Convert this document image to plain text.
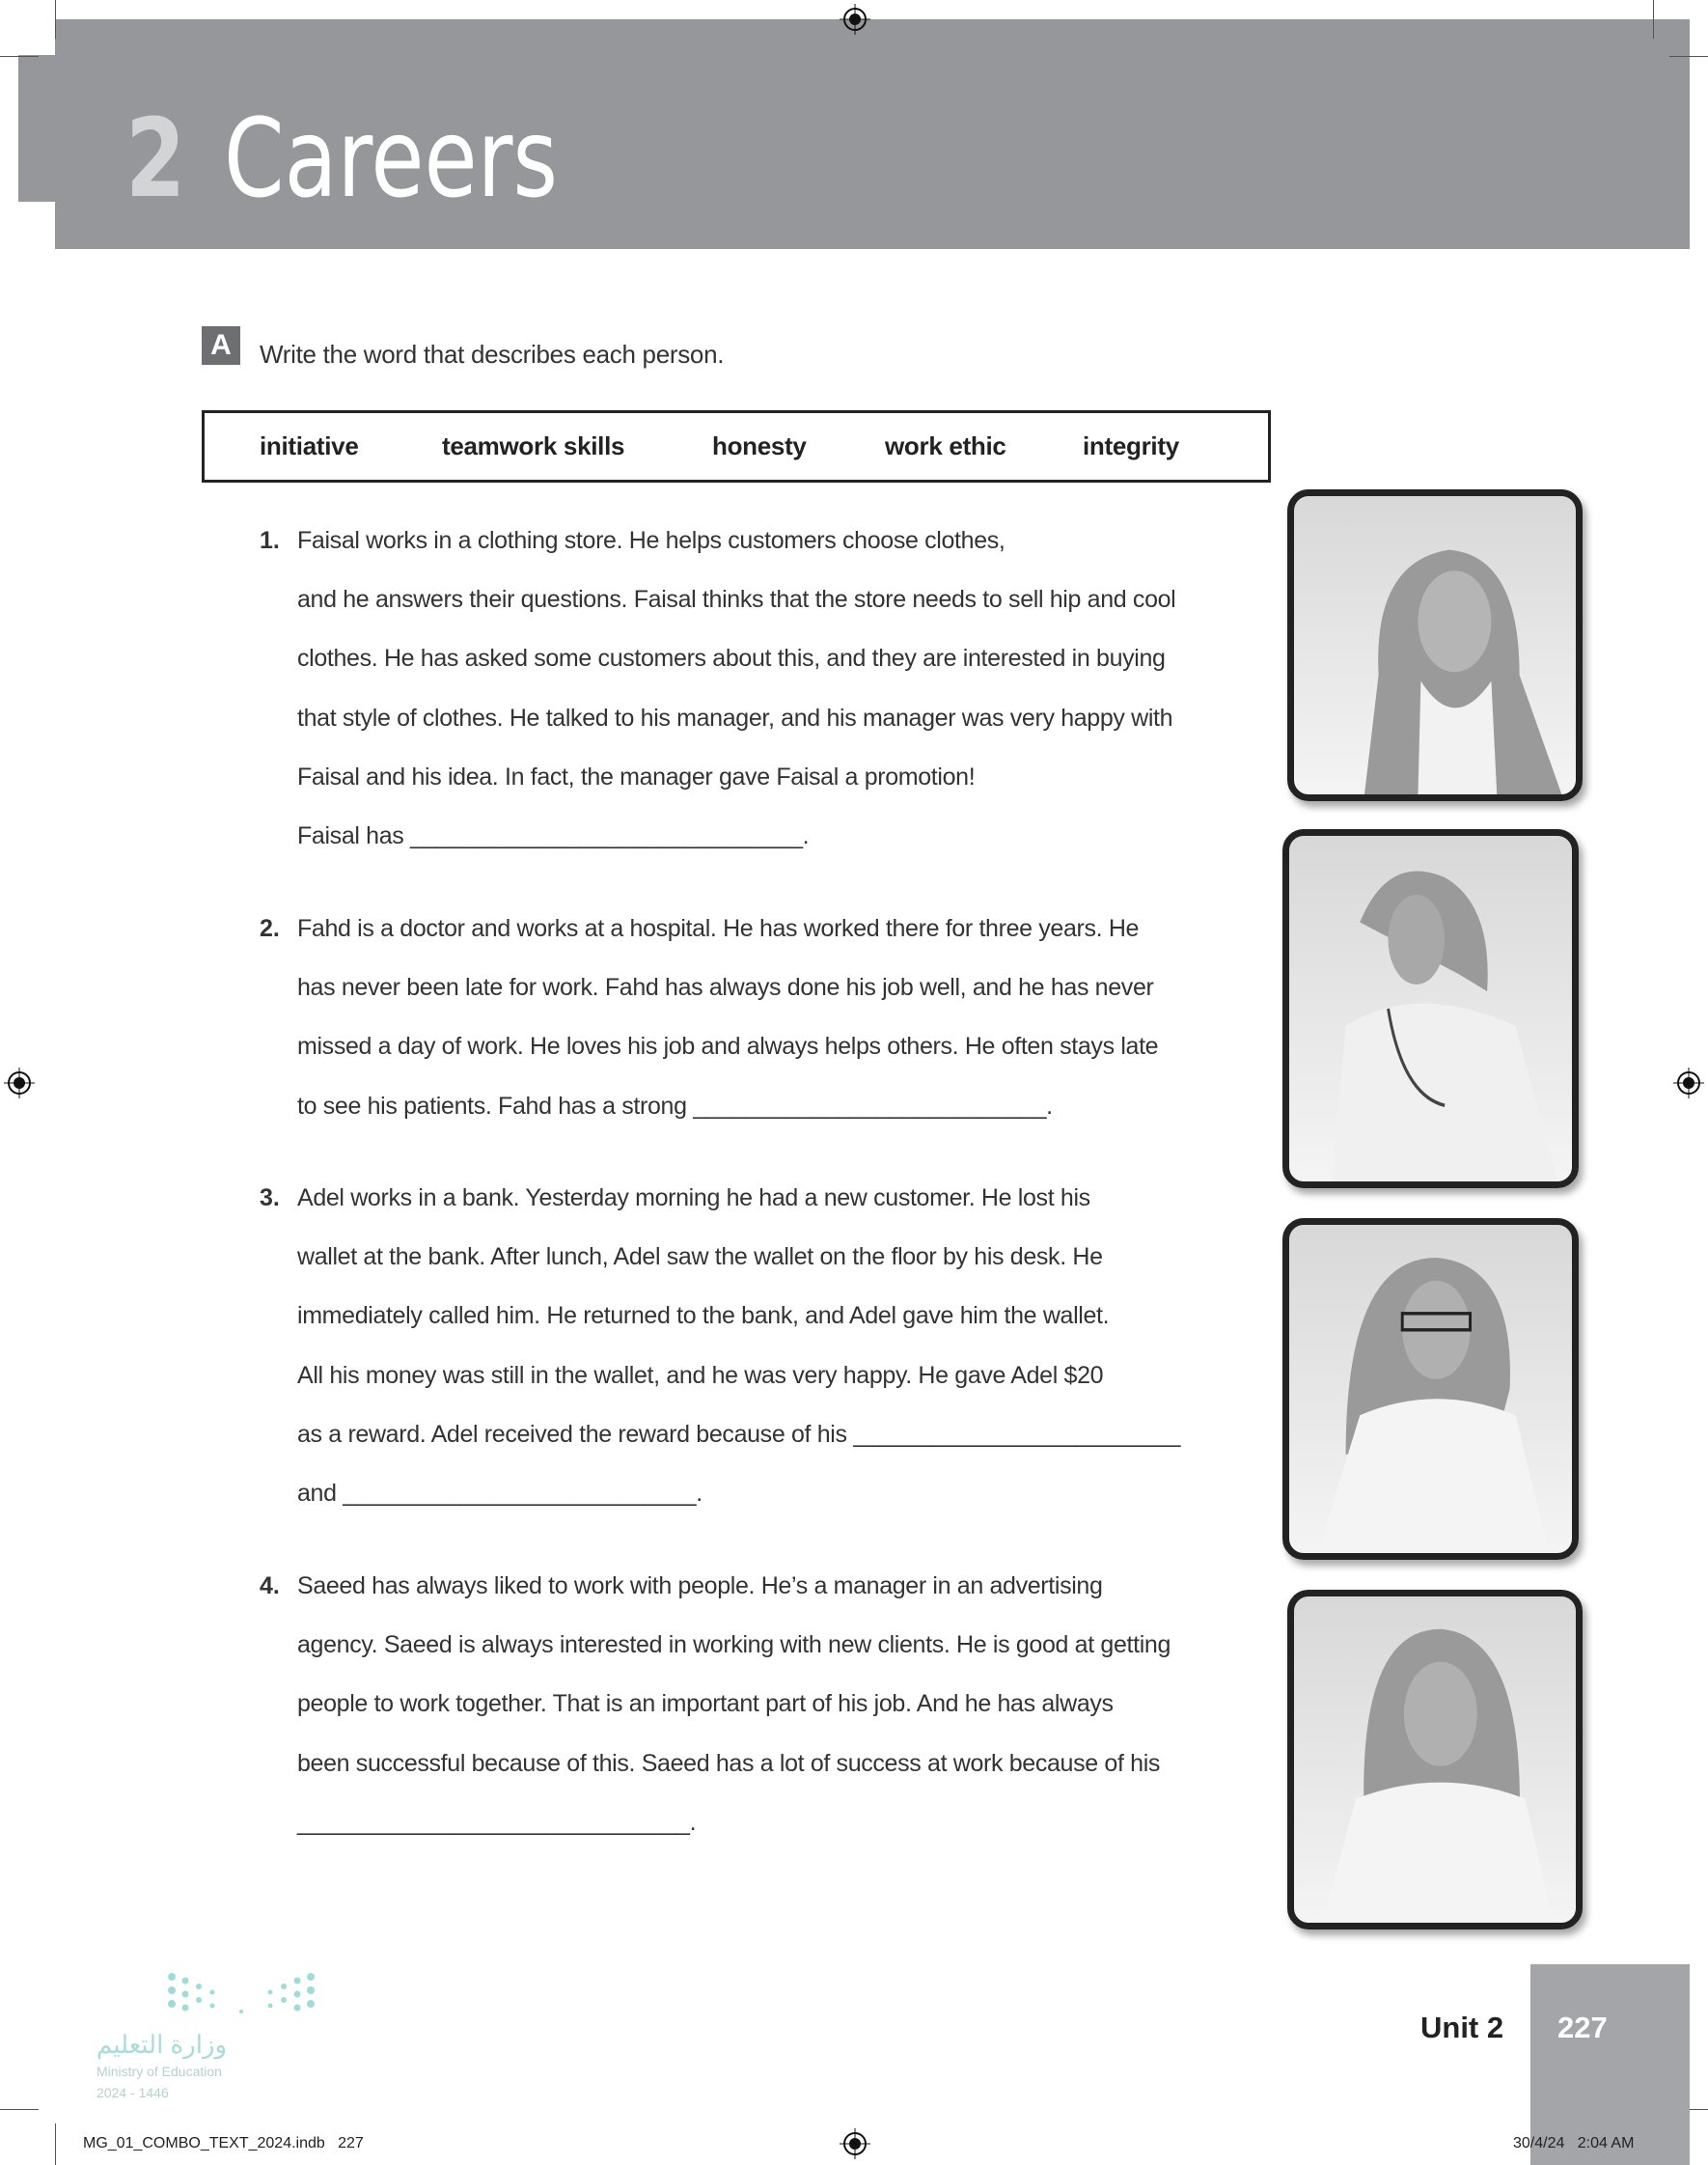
2 Careers
A	Write the word that describes each person.
initiative	teamwork skills	honesty	work ethic	integrity
1. Faisal works in a clothing store. He helps customers choose clothes,
and he answers their questions. Faisal thinks that the store needs to sell hip and cool
clothes. He has asked some customers about this, and they are interested in buying
that style of clothes. He talked to his manager, and his manager was very happy with
Faisal and his idea. In fact, the manager gave Faisal a promotion!
Faisal has ______________________________.
2. Fahd is a doctor and works at a hospital. He has worked there for three years. He
has never been late for work. Fahd has always done his job well, and he has never
missed a day of work. He loves his job and always helps others. He often stays late
to see his patients. Fahd has a strong ___________________________.
3. Adel works in a bank. Yesterday morning he had a new customer. He lost his
wallet at the bank. After lunch, Adel saw the wallet on the floor by his desk. He
immediately called him. He returned to the bank, and Adel gave him the wallet.
All his money was still in the wallet, and he was very happy. He gave Adel $20
as a reward. Adel received the reward because of his _________________________
and ___________________________.
4. Saeed has always liked to work with people. He’s a manager in an advertising
agency. Saeed is always interested in working with new clients. He is good at getting
people to work together. That is an important part of his job. And he has always
been successful because of this. Saeed has a lot of success at work because of his
______________________________.
وزارة التعليم
Ministry of Education
2024 - 1446
Unit 2 227
MG_01_COMBO_TEXT_2024.indb   227	30/4/24   2:04 AM
